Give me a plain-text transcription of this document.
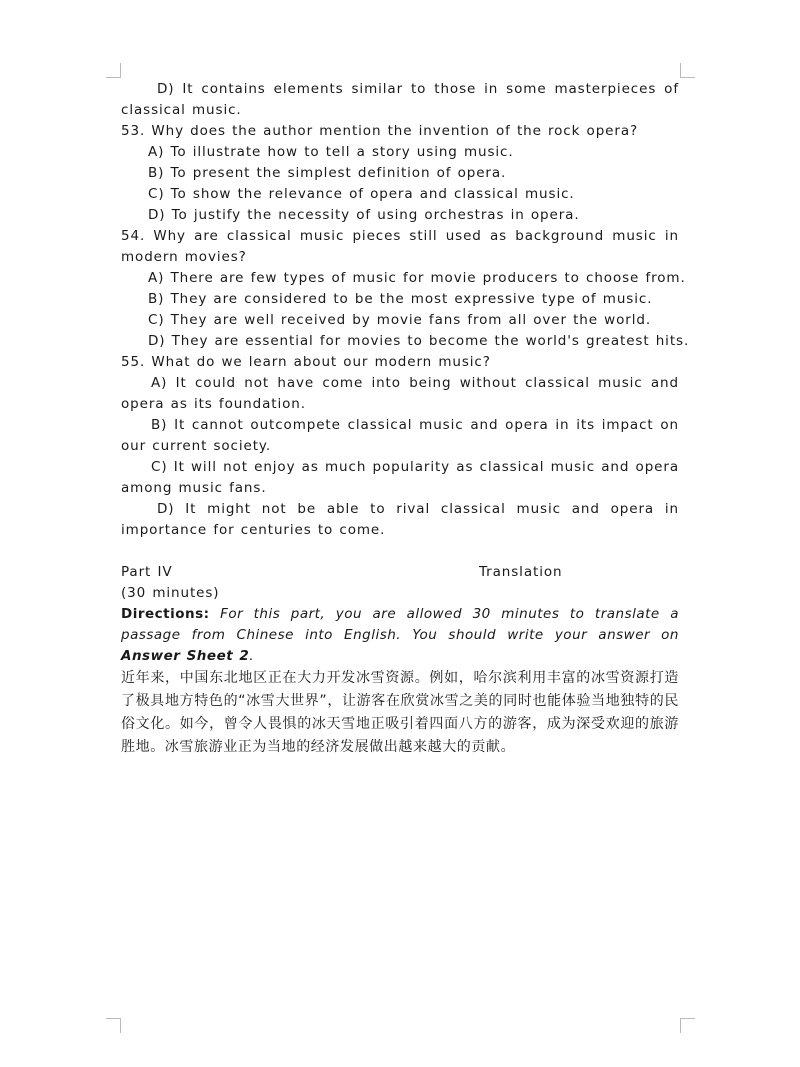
D) It contains elements similar to those in some masterpieces of classical music.

53. Why does the author mention the invention of the rock opera?

A) To illustrate how to tell a story using music.

B) To present the simplest definition of opera.

C) To show the relevance of opera and classical music.

D) To justify the necessity of using orchestras in opera.

54. Why are classical music pieces still used as background music in modern movies?

A) There are few types of music for movie producers to choose from.

B) They are considered to be the most expressive type of music.

C) They are well received by movie fans from all over the world.

D) They are essential for movies to become the world's greatest hits.

55. What do we learn about our modern music?

A) It could not have come into being without classical music and opera as its foundation.

B) It cannot outcompete classical music and opera in its impact on our current society.

C) It will not enjoy as much popularity as classical music and opera among music fans.

D) It might not be able to rival classical music and opera in importance for centuries to come.

Part IV	Translation

(30 minutes)

Directions: For this part, you are allowed 30 minutes to translate a passage from Chinese into English. You should write your answer on Answer Sheet 2.

近年来，中国东北地区正在大力开发冰雪资源。例如，哈尔滨利用丰富的冰雪资源打造了极具地方特色的“冰雪大世界”，让游客在欣赏冰雪之美的同时也能体验当地独特的民俗文化。如今，曾令人畏惧的冰天雪地正吸引着四面八方的游客，成为深受欢迎的旅游胜地。冰雪旅游业正为当地的经济发展做出越来越大的贡献。
